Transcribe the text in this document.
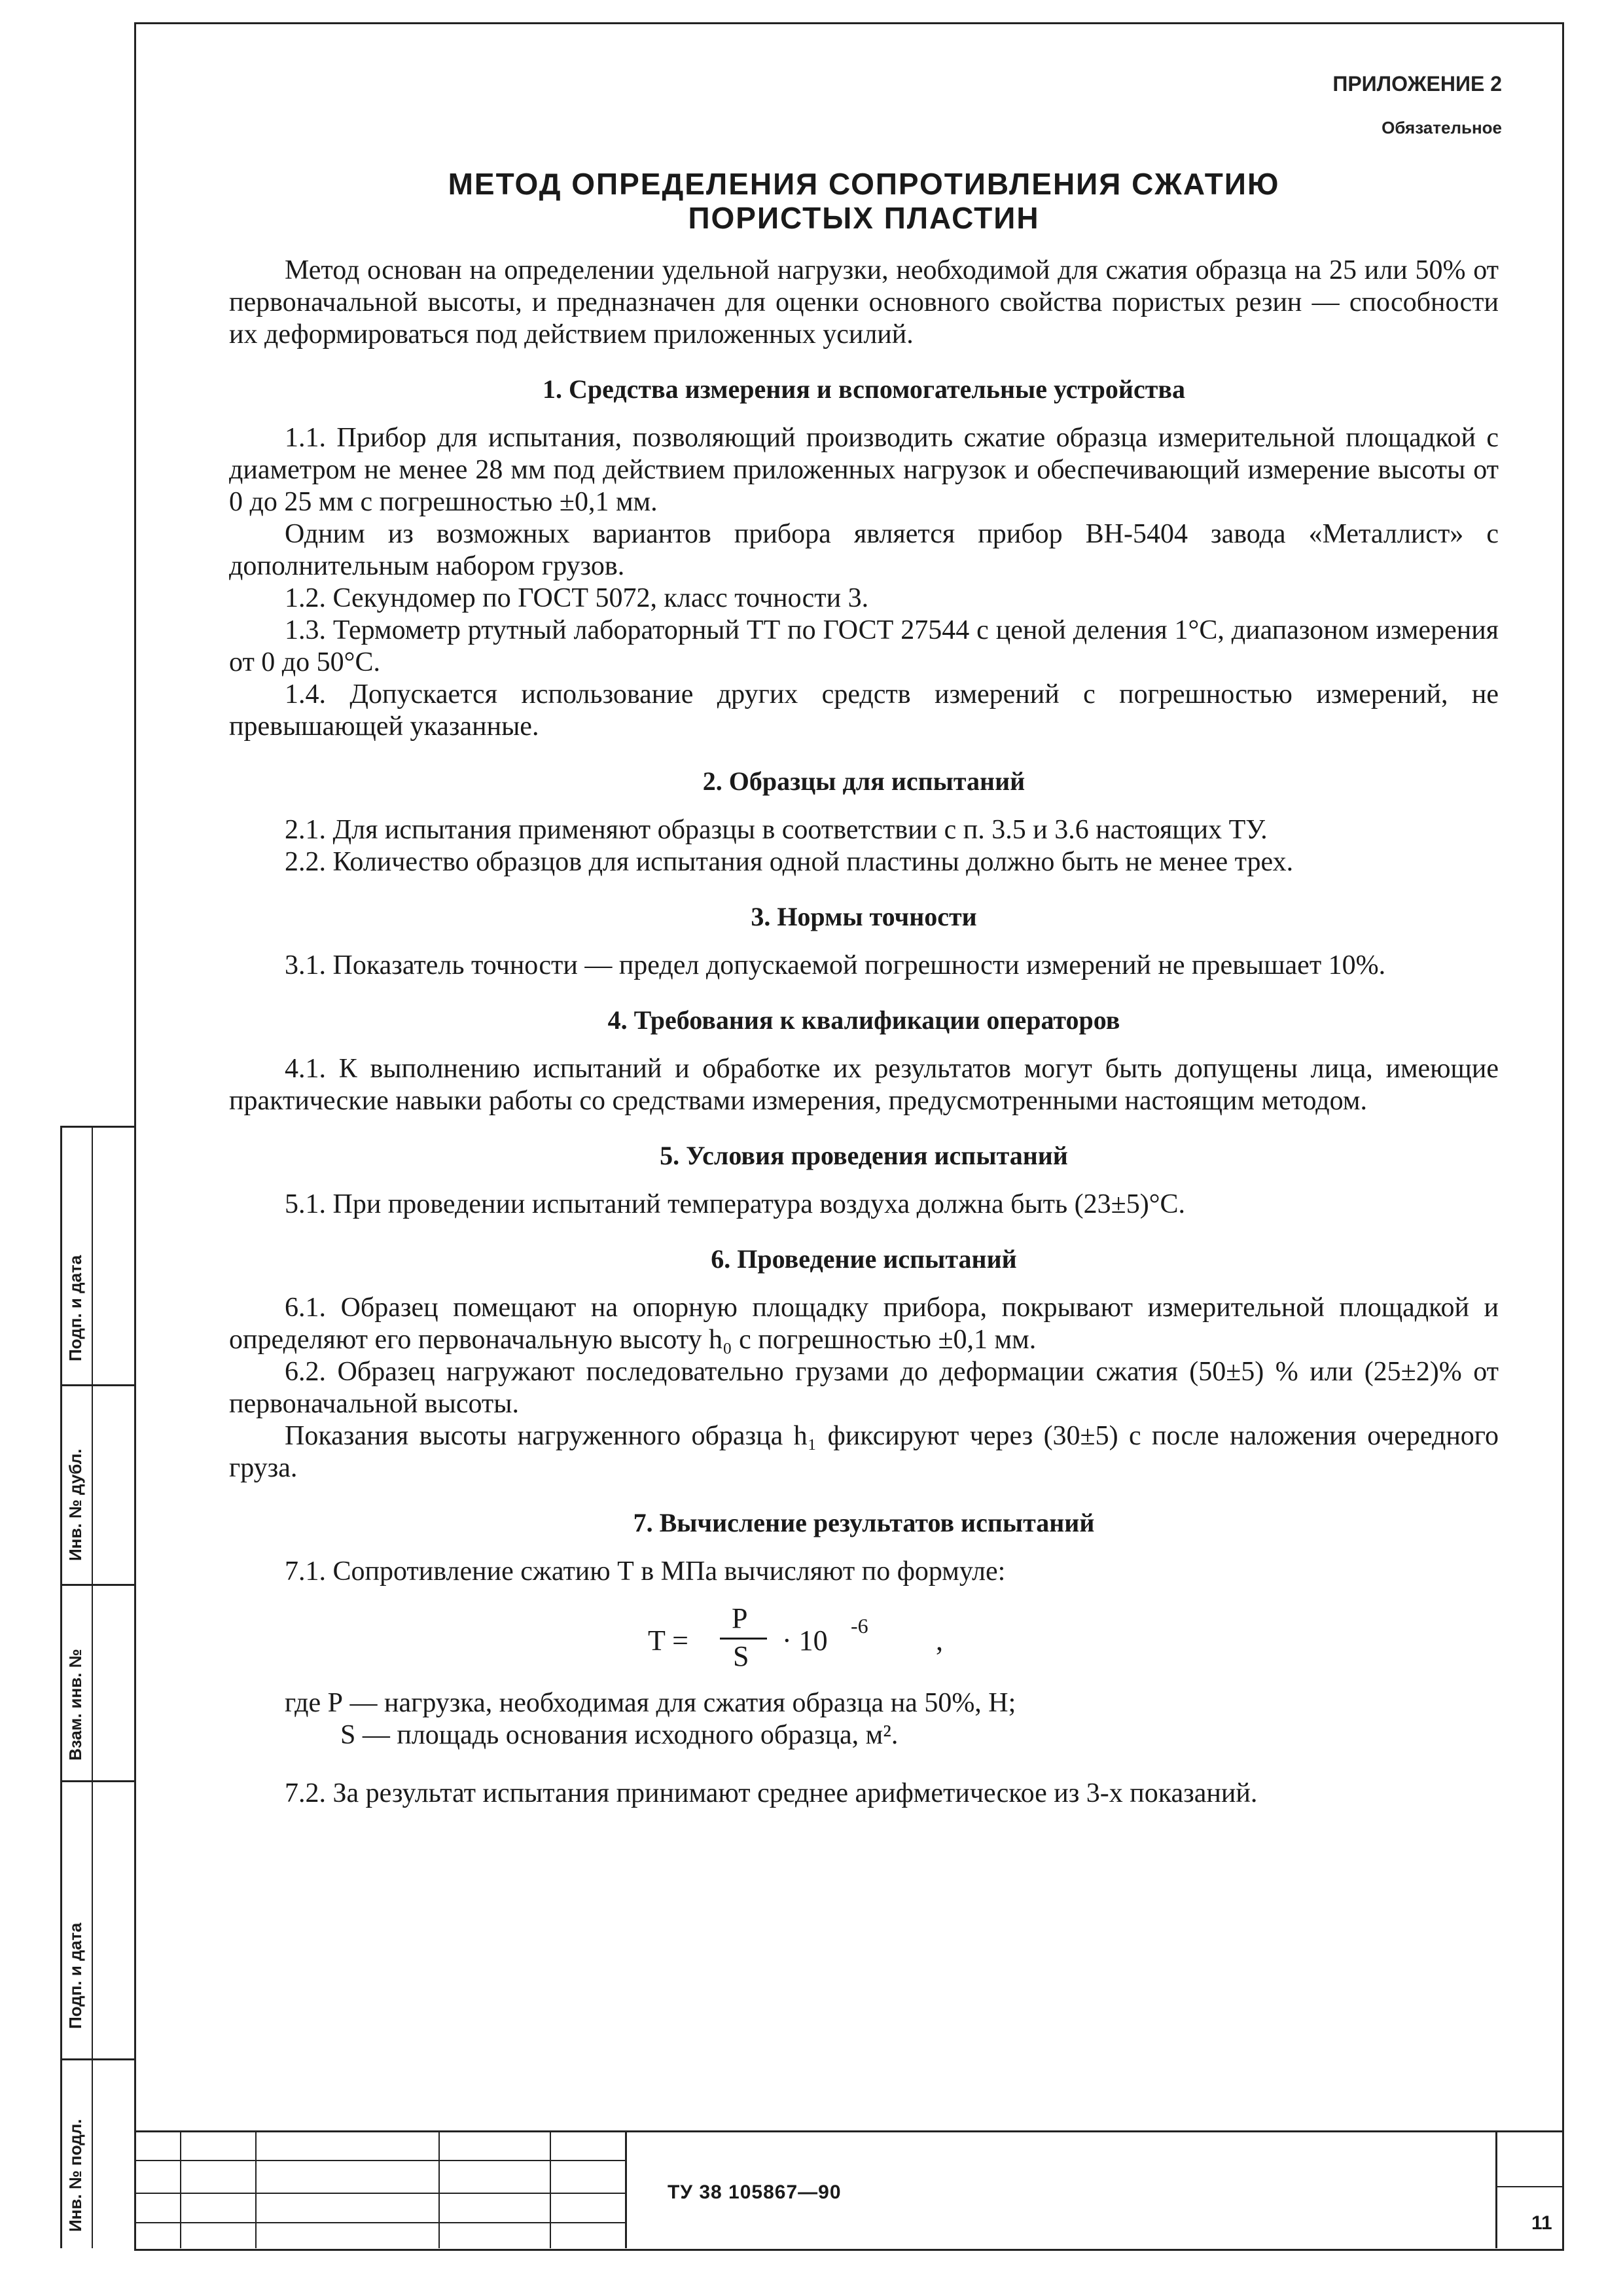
ПРИЛОЖЕНИЕ 2
Обязательное
МЕТОД ОПРЕДЕЛЕНИЯ СОПРОТИВЛЕНИЯ СЖАТИЮ
ПОРИСТЫХ ПЛАСТИН

Метод основан на определении удельной нагрузки, необходимой для сжатия образца на 25 или 50% от первоначальной высоты, и предназначен для оценки основного свойства пористых резин — способности их деформироваться под действием приложенных усилий.

1. Средства измерения и вспомогательные устройства

1.1. Прибор для испытания, позволяющий производить сжатие образца измерительной площадкой с диаметром не менее 28 мм под действием приложенных нагрузок и обеспечивающий измерение высоты от 0 до 25 мм с погрешностью ±0,1 мм.

Одним из возможных вариантов прибора является прибор ВН-5404 завода «Металлист» с дополнительным набором грузов.

1.2. Секундомер по ГОСТ 5072, класс точности 3.

1.3. Термометр ртутный лабораторный ТТ по ГОСТ 27544 с ценой деления 1°С, диапазоном измерения от 0 до 50°С.

1.4. Допускается использование других средств измерений с погрешностью измерений, не превышающей указанные.

2. Образцы для испытаний

2.1. Для испытания применяют образцы в соответствии с п. 3.5 и 3.6 настоящих ТУ.

2.2. Количество образцов для испытания одной пластины должно быть не менее трех.

3. Нормы точности

3.1. Показатель точности — предел допускаемой погрешности измерений не превышает 10%.

4. Требования к квалификации операторов

4.1. К выполнению испытаний и обработке их результатов могут быть допущены лица, имеющие практические навыки работы со средствами измерения, предусмотренными настоящим методом.

5. Условия проведения испытаний

5.1. При проведении испытаний температура воздуха должна быть (23±5)°С.

6. Проведение испытаний

6.1. Образец помещают на опорную площадку прибора, покрывают измерительной площадкой и определяют его первоначальную высоту h₀ с погрешностью ±0,1 мм.

6.2. Образец нагружают последовательно грузами до деформации сжатия (50±5) % или (25±2)% от первоначальной высоты.

Показания высоты нагруженного образца h₁ фиксируют через (30±5) с после наложения очередного груза.

7. Вычисление результатов испытаний

7.1. Сопротивление сжатию Т в МПа вычисляют по формуле:

T =
P
S · 10 -6 ,

где Р — нагрузка, необходимая для сжатия образца на 50%, Н;

S — площадь основания исходного образца, м².

7.2. За результат испытания принимают среднее арифметическое из 3-х показаний.

Подп. и дата
Инв. № дубл.
Взам. инв. №
Подп. и дата
Инв. № подл.	ТУ 38 105867—90
11
